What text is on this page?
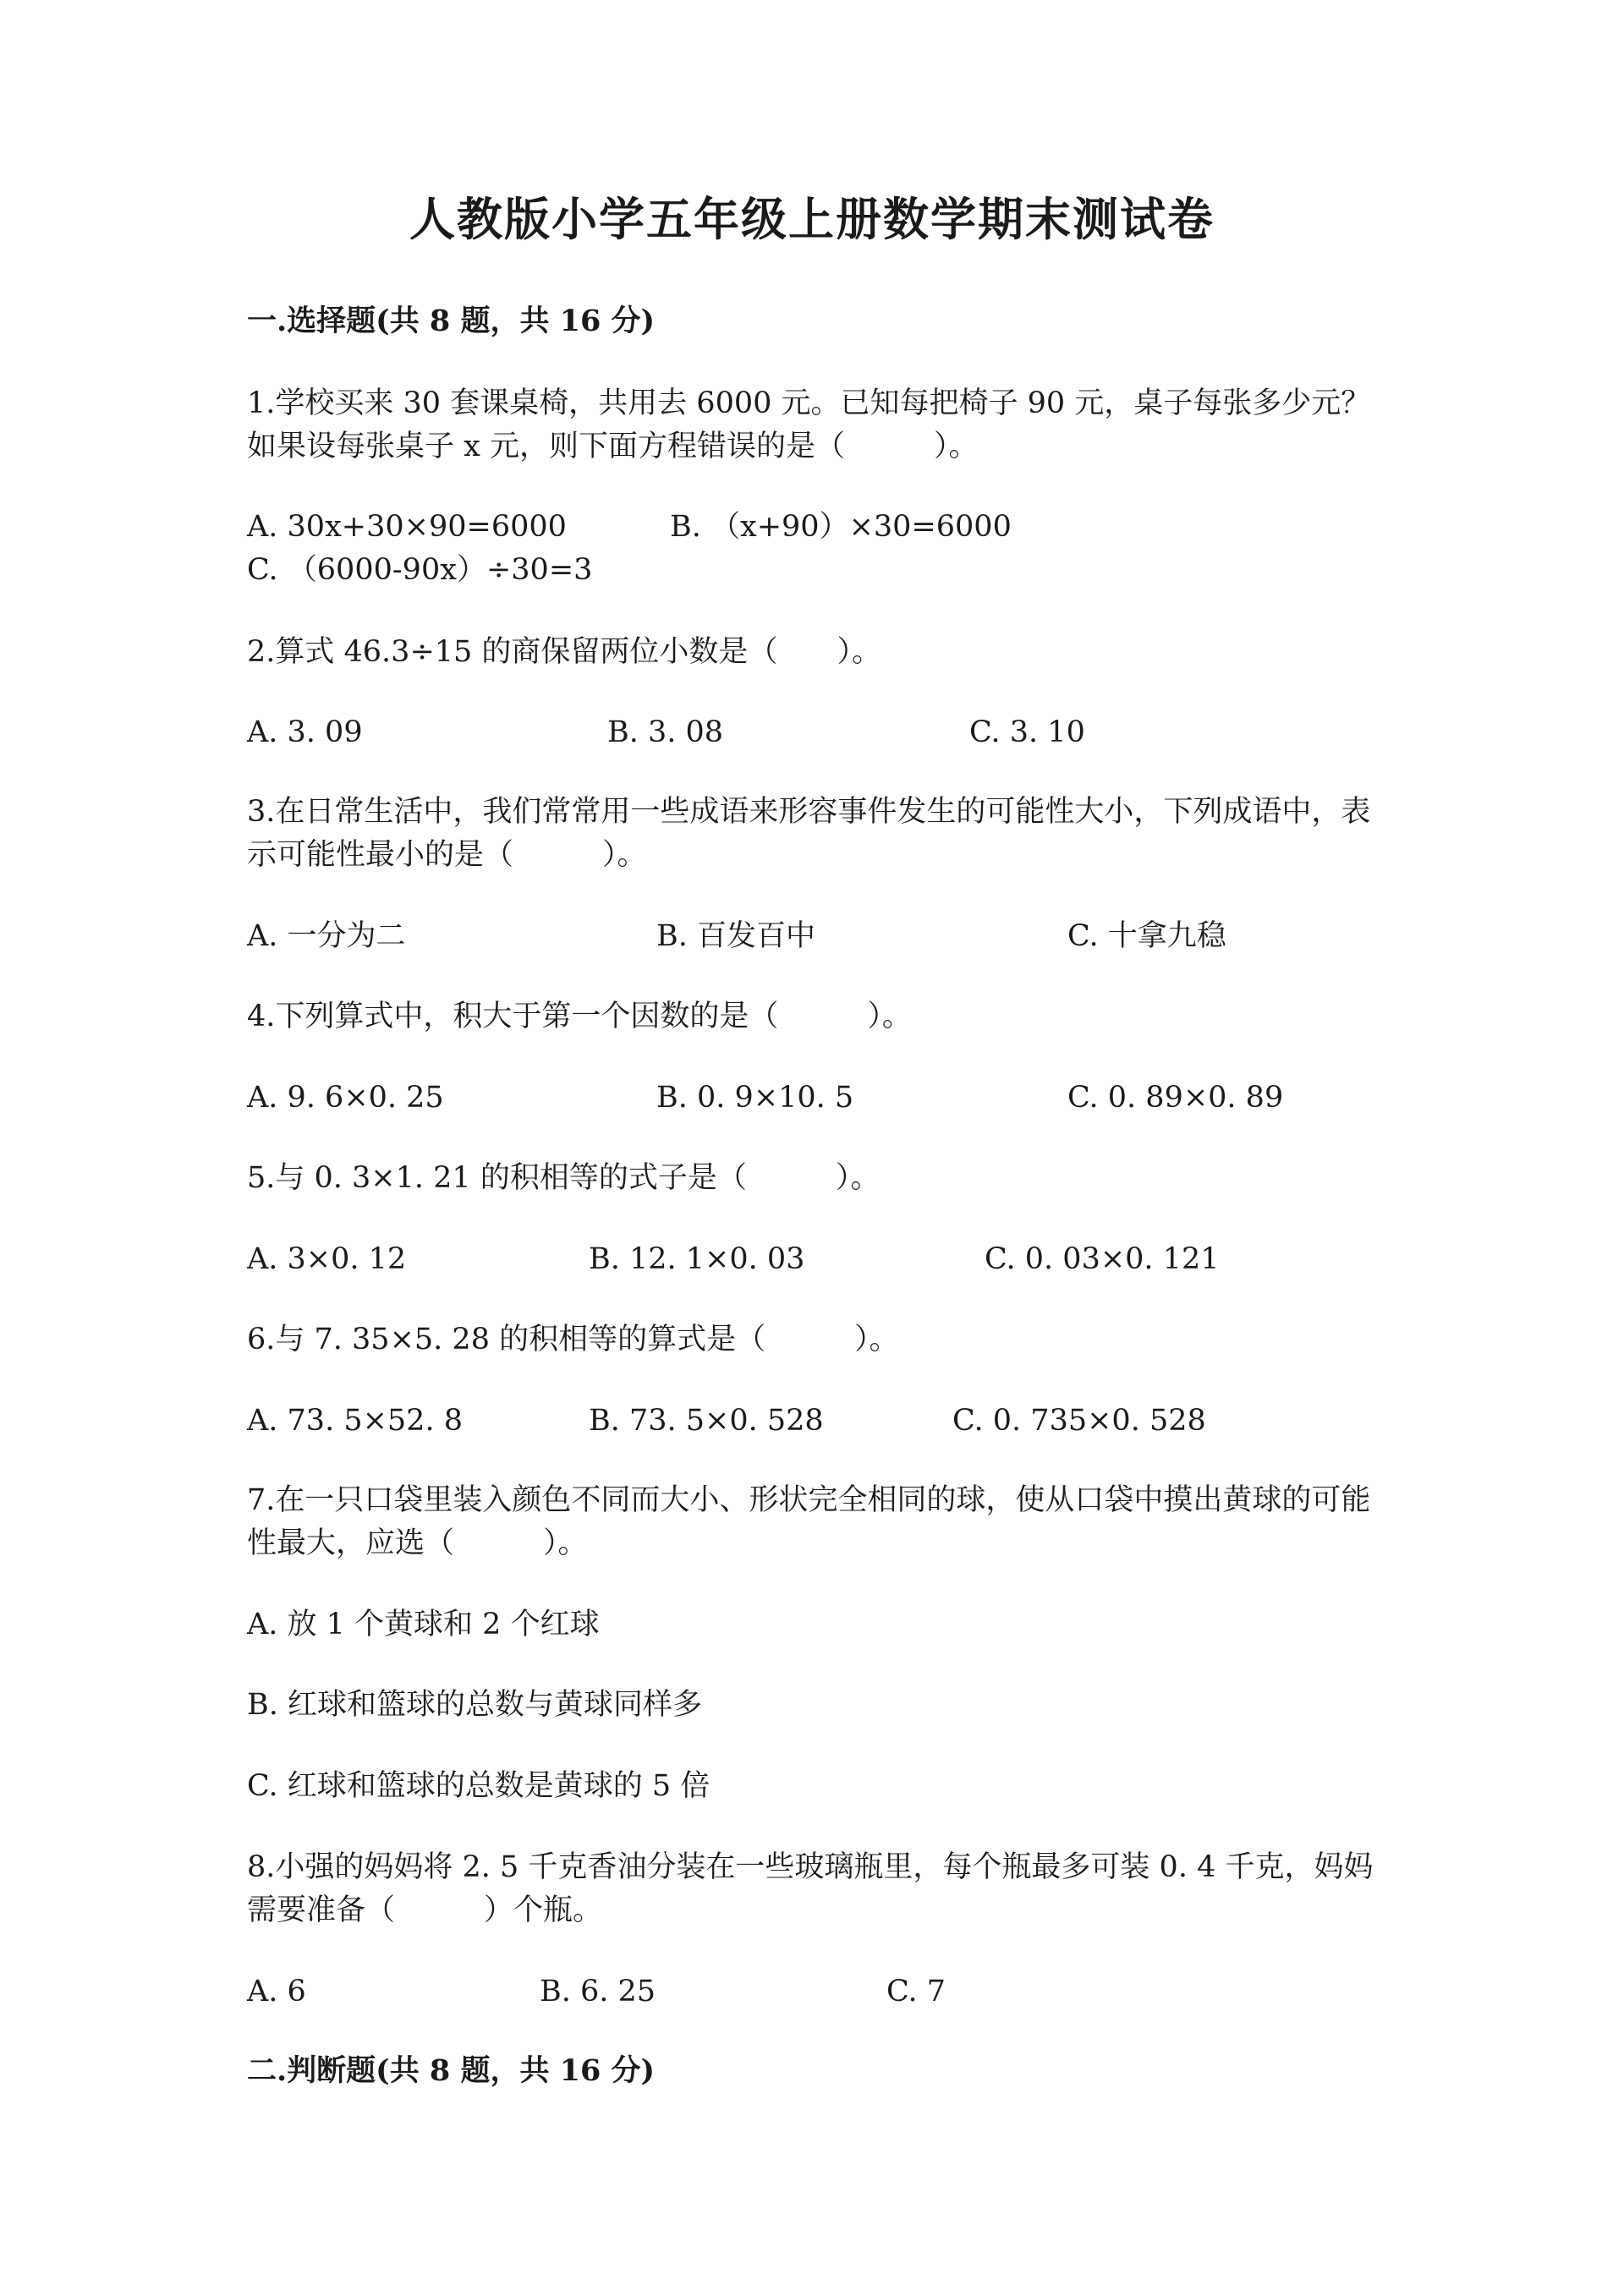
人教版小学五年级上册数学期末测试卷
一.选择题(共 8 题，共 16 分)
1.学校买来 30 套课桌椅，共用去 6000 元。已知每把椅子 90 元，桌子每张多少元？如果设每张桌子 x 元，则下面方程错误的是（　　　）。
A. 30x+30×90=6000	B. （x+90）×30=6000C. （6000-90x）÷30=3
2.算式 46.3÷15 的商保留两位小数是（　　）。
A. 3. 09	B. 3. 08	C. 3. 10
3.在日常生活中，我们常常用一些成语来形容事件发生的可能性大小，下列成语中，表示可能性最小的是（　　　）。
A. 一分为二	B. 百发百中	C. 十拿九稳
4.下列算式中，积大于第一个因数的是（　　　）。
A. 9. 6×0. 25	B. 0. 9×10. 5	C. 0. 89×0. 89
5.与 0. 3×1. 21 的积相等的式子是（　　　）。
A. 3×0. 12	B. 12. 1×0. 03	C. 0. 03×0. 121
6.与 7. 35×5. 28 的积相等的算式是（　　　）。
A. 73. 5×52. 8	B. 73. 5×0. 528	C. 0. 735×0. 528
7.在一只口袋里装入颜色不同而大小、形状完全相同的球，使从口袋中摸出黄球的可能性最大，应选（　　　）。
A. 放 1 个黄球和 2 个红球
B. 红球和篮球的总数与黄球同样多
C. 红球和篮球的总数是黄球的 5 倍
8.小强的妈妈将 2. 5 千克香油分装在一些玻璃瓶里，每个瓶最多可装 0. 4 千克，妈妈需要准备（　　　）个瓶。
A. 6	B. 6. 25	C. 7
二.判断题(共 8 题，共 16 分)
